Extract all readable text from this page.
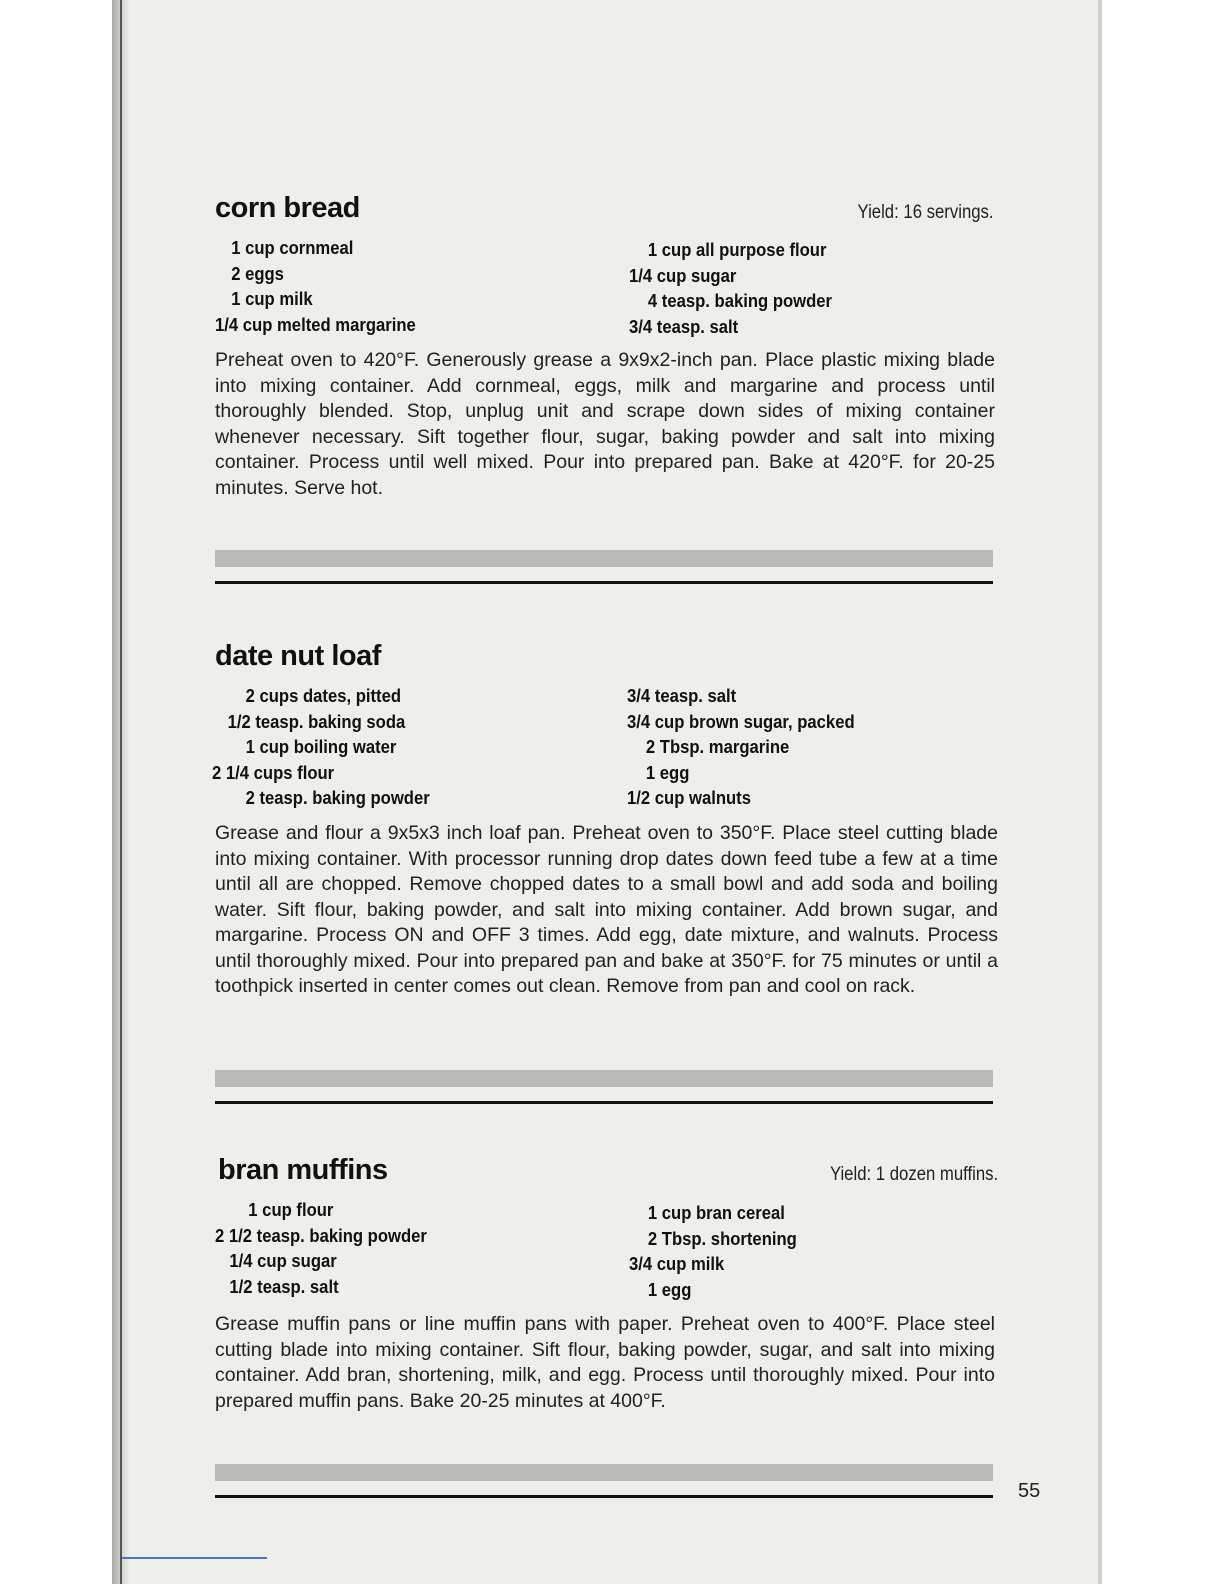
corn bread	Yield: 16 servings.
1 cup cornmeal
2 eggs
1 cup milk
1/4 cup melted margarine
1 cup all purpose flour
1/4 cup sugar
4 teasp. baking powder
3/4 teasp. salt

Preheat oven to 420°F. Generously grease a 9x9x2-inch pan. Place plastic mixing blade into mixing container. Add cornmeal, eggs, milk and margarine and process until thoroughly blended. Stop, unplug unit and scrape down sides of mixing container whenever necessary. Sift together flour, sugar, baking powder and salt into mixing container. Process until well mixed. Pour into prepared pan. Bake at 420°F. for 20-25 minutes. Serve hot.

date nut loaf
2 cups dates, pitted
1/2 teasp. baking soda
1 cup boiling water
2 1/4 cups flour
2 teasp. baking powder
3/4 teasp. salt
3/4 cup brown sugar, packed
2 Tbsp. margarine
1 egg
1/2 cup walnuts

Grease and flour a 9x5x3 inch loaf pan. Preheat oven to 350°F. Place steel cutting blade into mixing container. With processor running drop dates down feed tube a few at a time until all are chopped. Remove chopped dates to a small bowl and add soda and boiling water. Sift flour, baking powder, and salt into mixing container. Add brown sugar, and margarine. Process ON and OFF 3 times. Add egg, date mixture, and walnuts. Process until thoroughly mixed. Pour into prepared pan and bake at 350°F. for 75 minutes or until a toothpick inserted in center comes out clean. Remove from pan and cool on rack.

bran muffins	Yield: 1 dozen muffins.
1 cup flour
2 1/2 teasp. baking powder
1/4 cup sugar
1/2 teasp. salt
1 cup bran cereal
2 Tbsp. shortening
3/4 cup milk
1 egg

Grease muffin pans or line muffin pans with paper. Preheat oven to 400°F. Place steel cutting blade into mixing container. Sift flour, baking powder, sugar, and salt into mixing container. Add bran, shortening, milk, and egg. Process until thoroughly mixed. Pour into prepared muffin pans. Bake 20-25 minutes at 400°F.

55
